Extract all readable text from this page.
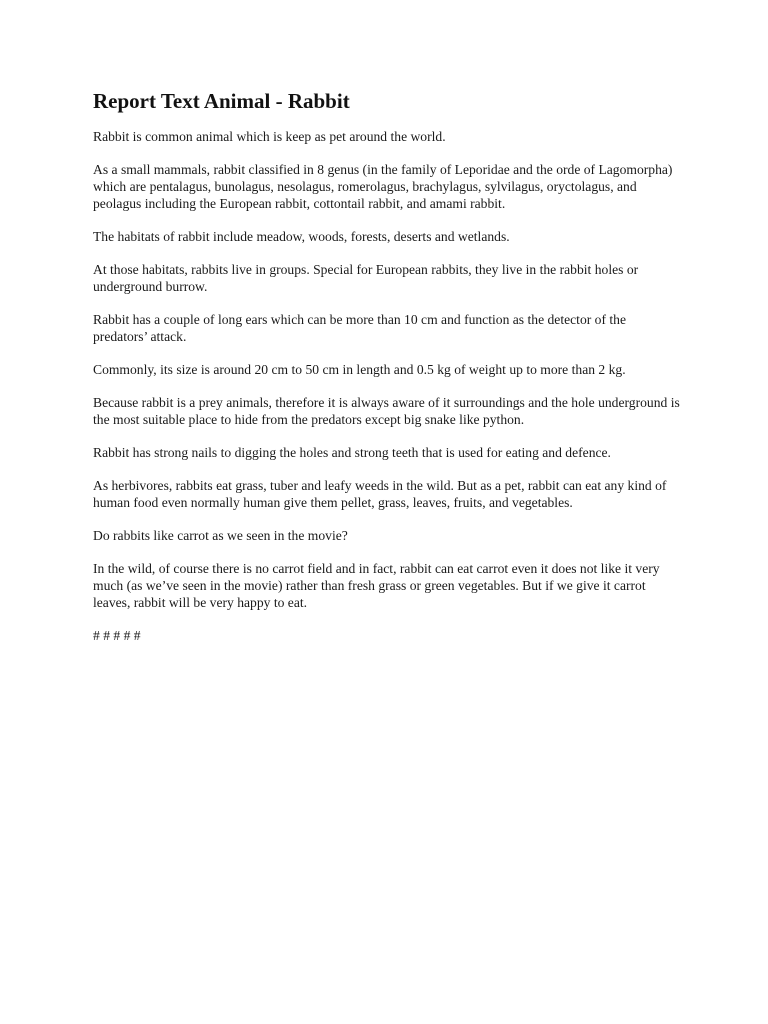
Report Text Animal - Rabbit

Rabbit is common animal which is keep as pet around the world.

As a small mammals, rabbit classified in 8 genus (in the family of Leporidae and the orde of Lagomorpha) which are pentalagus, bunolagus, nesolagus, romerolagus, brachylagus, sylvilagus, oryctolagus, and peolagus including the European rabbit, cottontail rabbit, and amami rabbit.

The habitats of rabbit include meadow, woods, forests, deserts and wetlands.

At those habitats, rabbits live in groups. Special for European rabbits, they live in the rabbit holes or underground burrow.

Rabbit has a couple of long ears which can be more than 10 cm and function as the detector of the predators’ attack.

Commonly, its size is around 20 cm to 50 cm in length and 0.5 kg of weight up to more than 2 kg.

Because rabbit is a prey animals, therefore it is always aware of it surroundings and the hole underground is the most suitable place to hide from the predators except big snake like python.

Rabbit has strong nails to digging the holes and strong teeth that is used for eating and defence.

As herbivores, rabbits eat grass, tuber and leafy weeds in the wild. But as a pet, rabbit can eat any kind of human food even normally human give them pellet, grass, leaves, fruits, and vegetables.

Do rabbits like carrot as we seen in the movie?

In the wild, of course there is no carrot field and in fact, rabbit can eat carrot even it does not like it very much (as we’ve seen in the movie) rather than fresh grass or green vegetables. But if we give it carrot leaves, rabbit will be very happy to eat.

# # # # #
